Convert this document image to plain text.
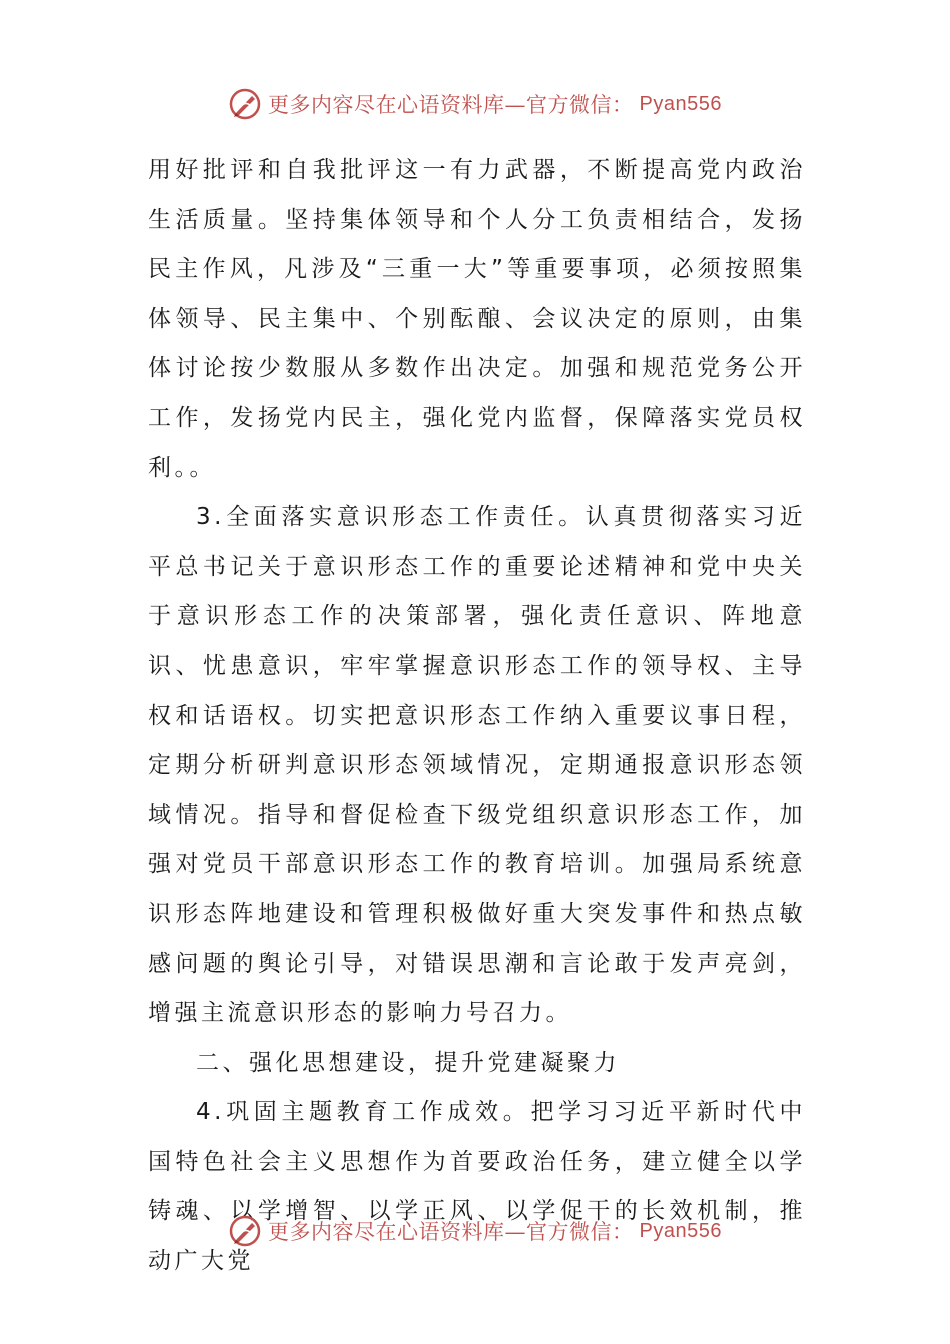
更多内容尽在心语资料库—官方微信： Pyan556

用好批评和自我批评这一有力武器，不断提高党内政治生活质量。坚持集体领导和个人分工负责相结合，发扬民主作风，凡涉及“三重一大”等重要事项，必须按照集体领导、民主集中、个别酝酿、会议决定的原则，由集体讨论按少数服从多数作出决定。加强和规范党务公开工作，发扬党内民主，强化党内监督，保障落实党员权利。。

3.全面落实意识形态工作责任。认真贯彻落实习近平总书记关于意识形态工作的重要论述精神和党中央关于意识形态工作的决策部署，强化责任意识、阵地意识、忧患意识，牢牢掌握意识形态工作的领导权、主导权和话语权。切实把意识形态工作纳入重要议事日程，定期分析研判意识形态领域情况，定期通报意识形态领域情况。指导和督促检查下级党组织意识形态工作，加强对党员干部意识形态工作的教育培训。加强局系统意识形态阵地建设和管理积极做好重大突发事件和热点敏感问题的舆论引导，对错误思潮和言论敢于发声亮剑，增强主流意识形态的影响力号召力。

二、强化思想建设，提升党建凝聚力

4.巩固主题教育工作成效。把学习习近平新时代中国特色社会主义思想作为首要政治任务，建立健全以学铸魂、以学增智、以学正风、以学促干的长效机制，推动广大党

更多内容尽在心语资料库—官方微信： Pyan556
